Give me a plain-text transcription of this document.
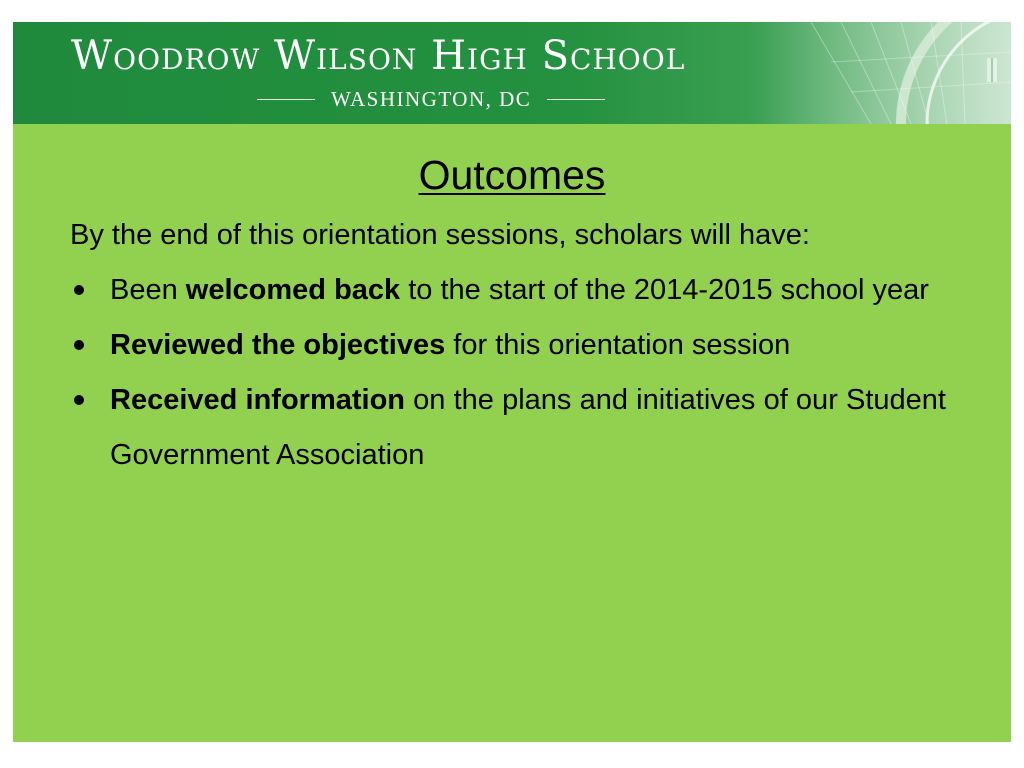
Woodrow Wilson High School
WASHINGTON, DC
Outcomes

By the end of this orientation sessions, scholars will have:

Been welcomed back to the start of the 2014-2015 school year
Reviewed the objectives for this orientation session
Received information on the plans and initiatives of our Student Government Association
